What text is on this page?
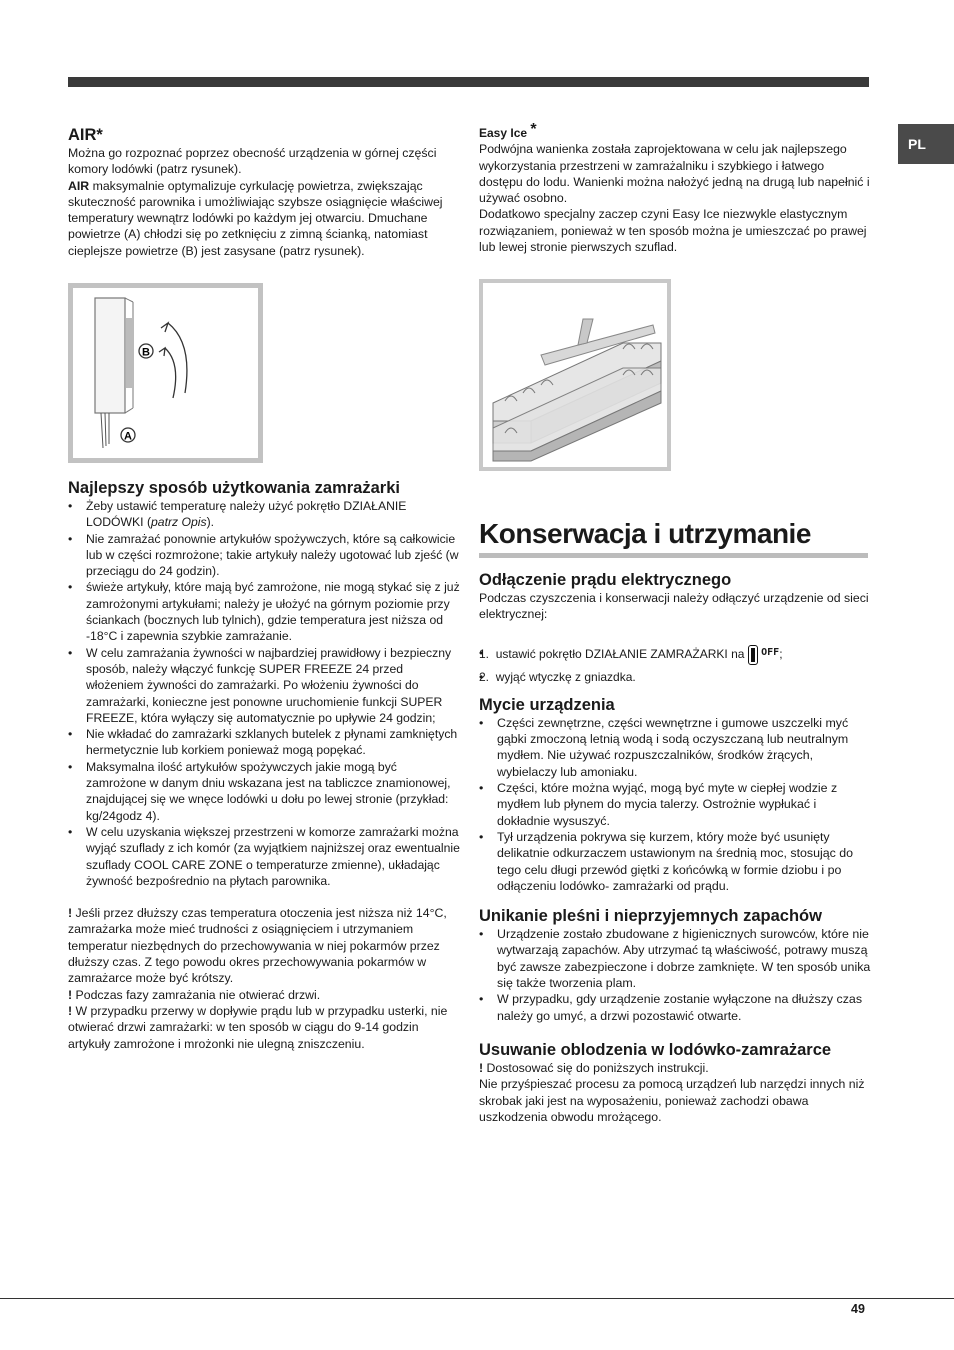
PL
AIR*

Można go rozpoznać poprzez obecność urządzenia w górnej części komory lodówki (patrz rysunek).

AIR maksymalnie optymalizuje cyrkulację powietrza, zwiększając skuteczność parownika i umożliwiając szybsze osiągnięcie właściwej temperatury wewnątrz lodówki po każdym jej otwarciu. Dmuchane powietrze (A) chłodzi się po zetknięciu z zimną ścianką, natomiast cieplejsze powietrze (B) jest zasysane (patrz rysunek).

B
A
Najlepszy sposób użytkowania zamrażarki
• Żeby ustawić temperaturę należy użyć pokrętło DZIAŁANIE LODÓWKI (patrz Opis).
• Nie zamrażać ponownie artykułów spożywczych, które są całkowicie lub w części rozmrożone; takie artykuły należy ugotować lub zjeść (w przeciągu do 24 godzin).
• świeże artykuły, które mają być zamrożone, nie mogą stykać się z już zamrożonymi artykułami; należy je ułożyć na górnym poziomie przy ściankach (bocznych lub tylnich), gdzie temperatura jest niższa od -18°C i zapewnia szybkie zamrażanie.
• W celu zamrażania żywności w najbardziej prawidłowy i bezpieczny sposób, należy włączyć funkcję SUPER FREEZE 24 przed włożeniem żywności do zamrażarki. Po włożeniu żywności do zamrażarki, konieczne jest ponowne uruchomienie funkcji SUPER FREEZE, która wyłączy się automatycznie po upływie 24 godzin;
• Nie wkładać do zamrażarki szklanych butelek z płynami zamkniętych hermetycznie lub korkiem ponieważ mogą popękać.
• Maksymalna ilość artykułów spożywczych jakie mogą być zamrożone w danym dniu wskazana jest na tabliczce znamionowej, znajdującej się we wnęce lodówki u dołu po lewej stronie (przykład: kg/24godz 4).
• W celu uzyskania większej przestrzeni w komorze zamrażarki można wyjąć szuflady z ich komór (za wyjątkiem najniższej oraz ewentualnie szuflady COOL CARE ZONE o temperaturze zmienne), układając żywność bezpośrednio na płytach parownika.

! Jeśli przez dłuższy czas temperatura otoczenia jest niższa niż 14°C, zamrażarka może mieć trudności z osiągnięciem i utrzymaniem temperatur niezbędnych do przechowywania w niej pokarmów przez dłuższy czas. Z tego powodu okres przechowywania pokarmów w zamrażarce może być krótszy.

! Podczas fazy zamrażania nie otwierać drzwi.

! W przypadku przerwy w dopływie prądu lub w przypadku usterki, nie otwierać drzwi zamrażarki: w ten sposób w ciągu do 9-14 godzin artykuły zamrożone i mrożonki nie ulegną zniszczeniu.

Easy Ice *

Podwójna wanienka została zaprojektowana w celu jak najlepszego wykorzystania przestrzeni w zamrażalniku i szybkiego i łatwego dostępu do lodu. Wanienki można nałożyć jedną na drugą lub napełnić i używać osobno.

Dodatkowo specjalny zaczep czyni Easy Ice niezwykle elastycznym rozwiązaniem, ponieważ w ten sposób można je umieszczać po prawej lub lewej stronie pierwszych szuflad.

Konserwacja i utrzymanie
Odłączenie prądu elektrycznego

Podczas czyszczenia i konserwacji należy odłączyć urządzenie od sieci elektrycznej:

• 1. ustawić pokrętło DZIAŁANIE ZAMRAŻARKI na $^{OFF}$;
• 2. wyjąć wtyczkę z gniazdka.
Mycie urządzenia
• Części zewnętrzne, części wewnętrzne i gumowe uszczelki myć gąbki zmoczoną letnią wodą i sodą oczyszczaną lub neutralnym mydłem. Nie używać rozpuszczalników, środków żrących, wybielaczy lub amoniaku.
• Części, które można wyjąć, mogą być myte w ciepłej wodzie z mydłem lub płynem do mycia talerzy. Ostrożnie wypłukać i dokładnie wysuszyć.
• Tył urządzenia pokrywa się kurzem, który może być usunięty delikatnie odkurzaczem ustawionym na średnią moc, stosując do tego celu długi przewód giętki z końcówką w formie dziobu i po odłączeniu lodówko- zamrażarki od prądu.
Unikanie pleśni i nieprzyjemnych zapachów
• Urządzenie zostało zbudowane z higienicznych surowców, które nie wytwarzają zapachów. Aby utrzymać tą właściwość, potrawy muszą być zawsze zabezpieczone i dobrze zamknięte. W ten sposób unika się także tworzenia plam.
• W przypadku, gdy urządzenie zostanie wyłączone na dłuższy czas należy go umyć, a drzwi pozostawić otwarte.
Usuwanie oblodzenia w lodówko-zamrażarce

! Dostosować się do poniższych instrukcji.

Nie przyśpieszać procesu za pomocą urządzeń lub narzędzi innych niż skrobak jaki jest na wyposażeniu, ponieważ zachodzi obawa uszkodzenia obwodu mrożącego.

49
